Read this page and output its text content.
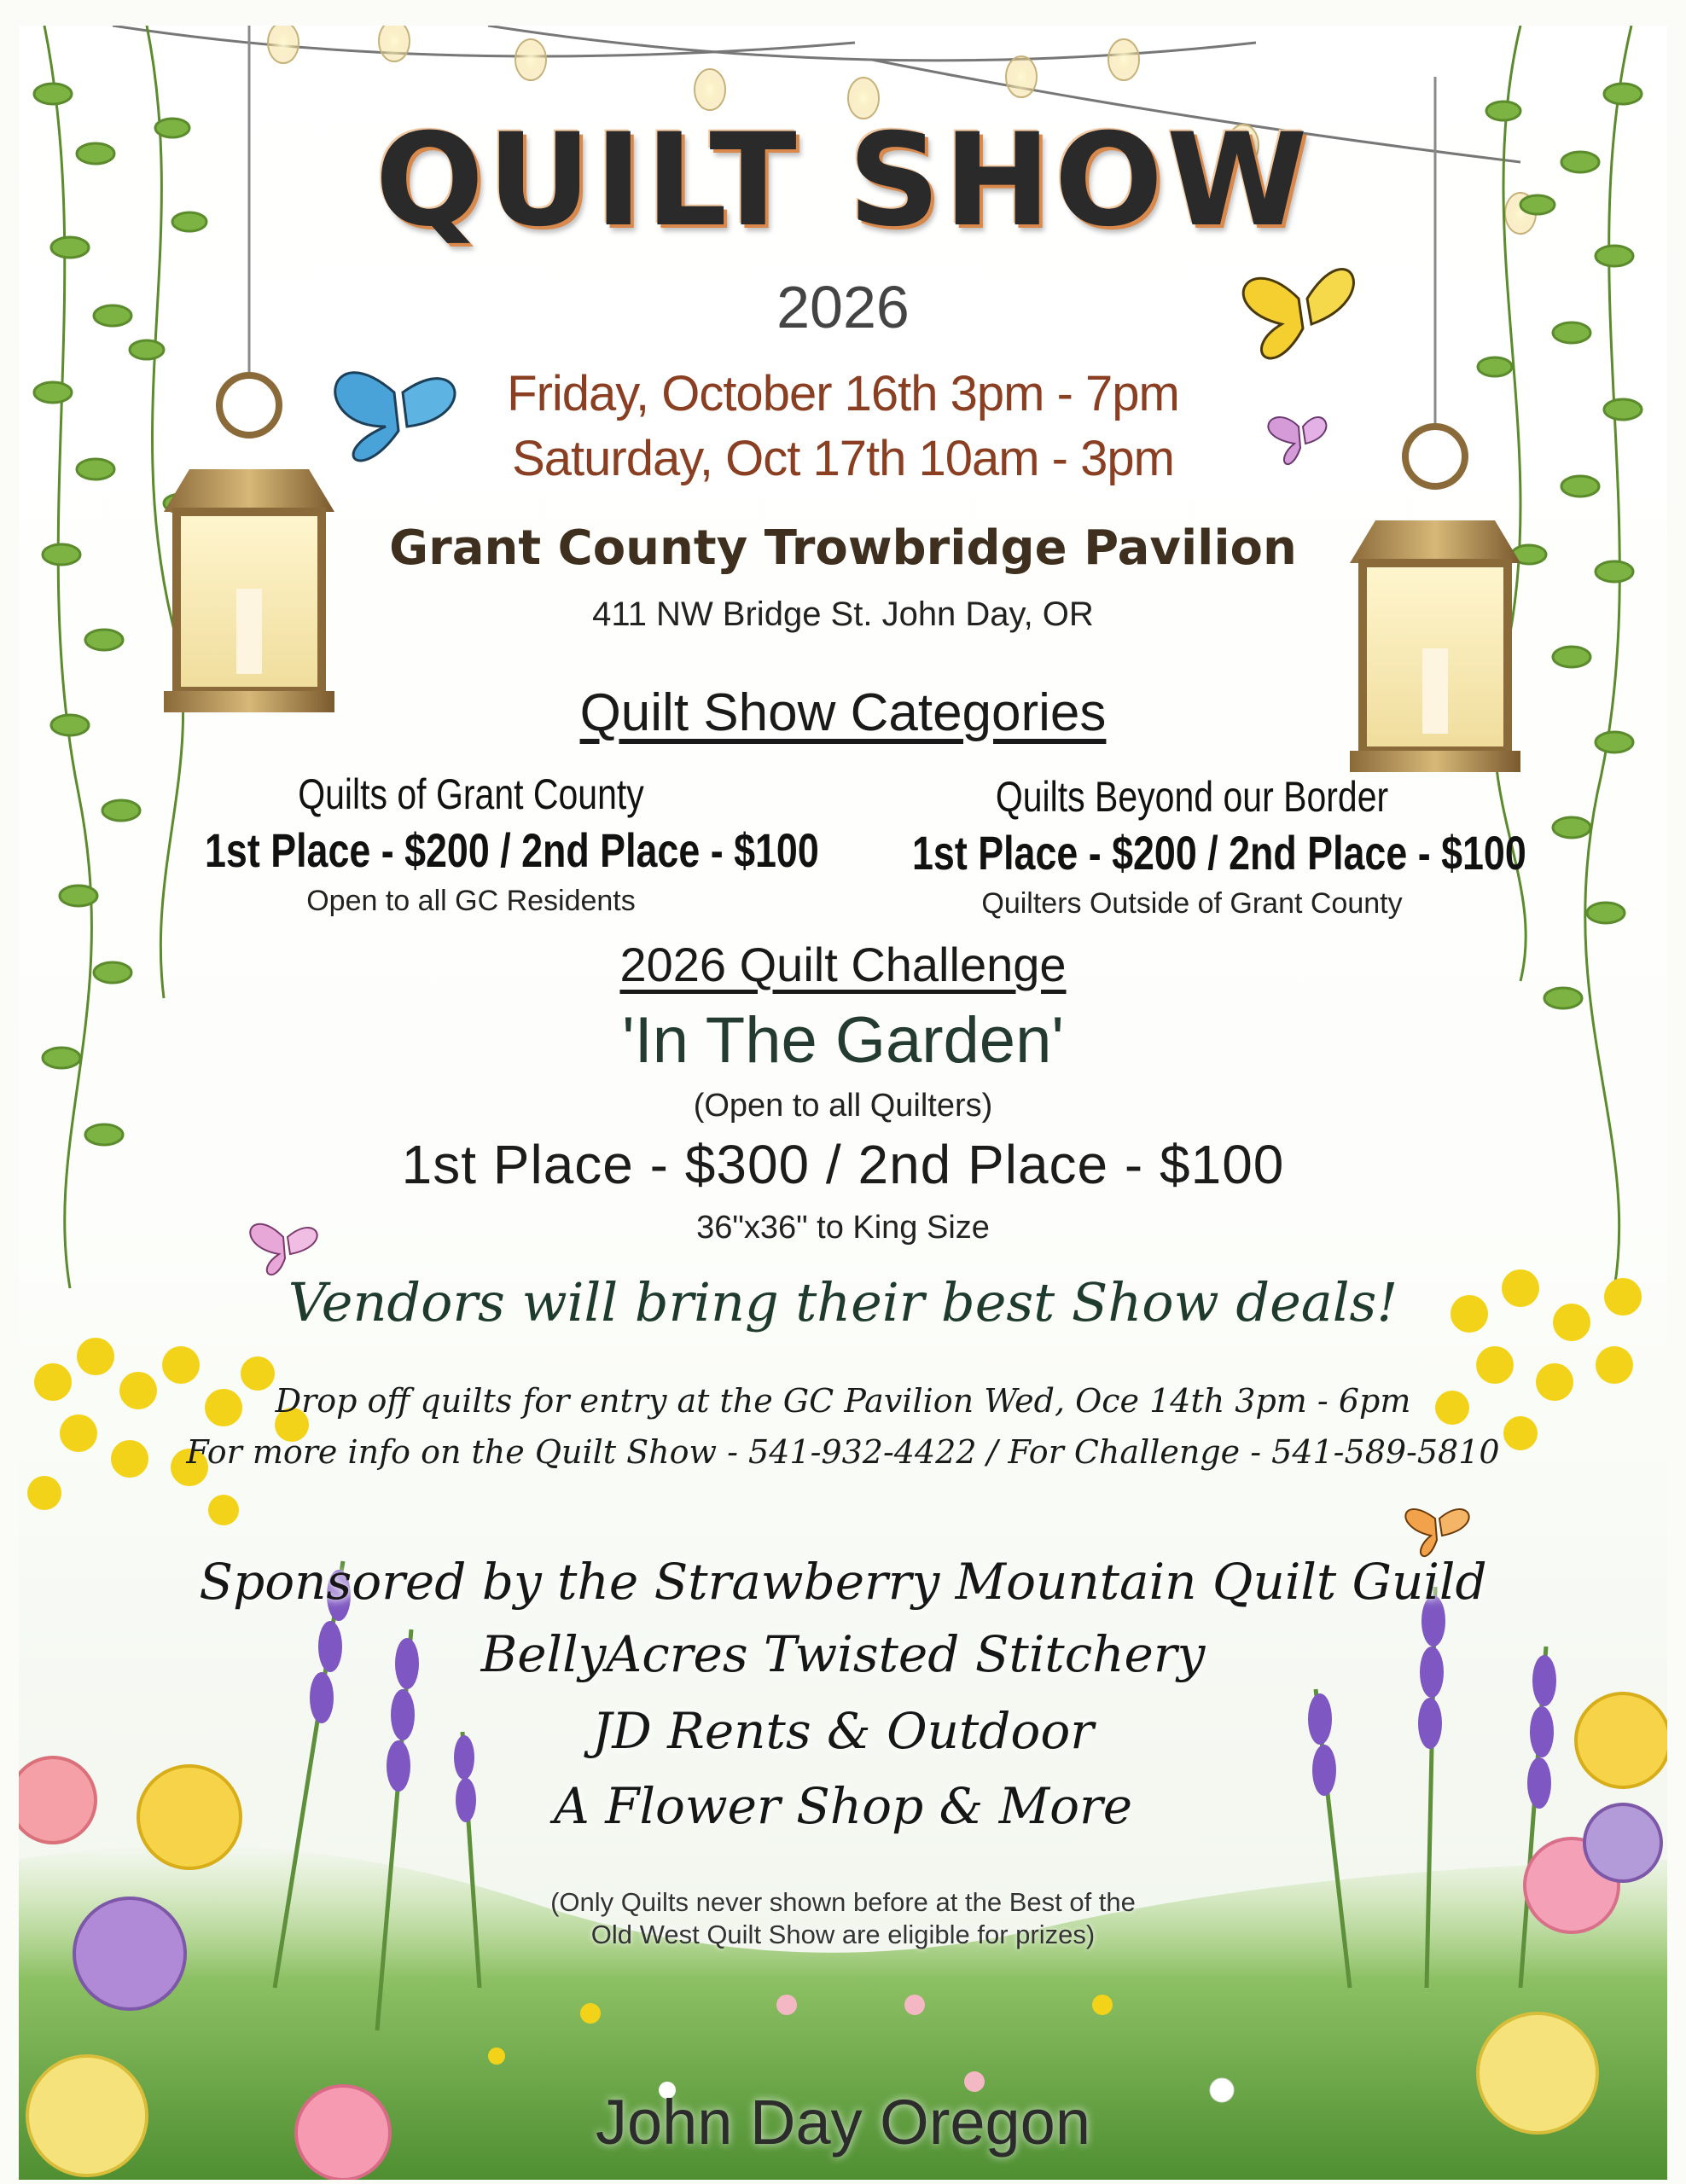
QUILT SHOW
2026
Friday, October 16th 3pm - 7pm
Saturday, Oct 17th 10am - 3pm
Grant County Trowbridge Pavilion
411 NW Bridge St. John Day, OR
Quilt Show Categories
Quilts of Grant County
1st Place - $200 / 2nd Place - $100
Open to all GC Residents
Quilts Beyond our Border
1st Place - $200 / 2nd Place - $100
Quilters Outside of Grant County
2026 Quilt Challenge
'In The Garden'
(Open to all Quilters)
1st Place - $300 / 2nd Place - $100
36"x36" to King Size
Vendors will bring their best Show deals!
Drop off quilts for entry at the GC Pavilion Wed, Oce 14th 3pm - 6pm
For more info on the Quilt Show - 541-932-4422 / For Challenge - 541-589-5810
Sponsored by the Strawberry Mountain Quilt Guild
BellyAcres Twisted Stitchery
JD Rents & Outdoor
A Flower Shop & More
(Only Quilts never shown before at the Best of the
Old West Quilt Show are eligible for prizes)
John Day Oregon
